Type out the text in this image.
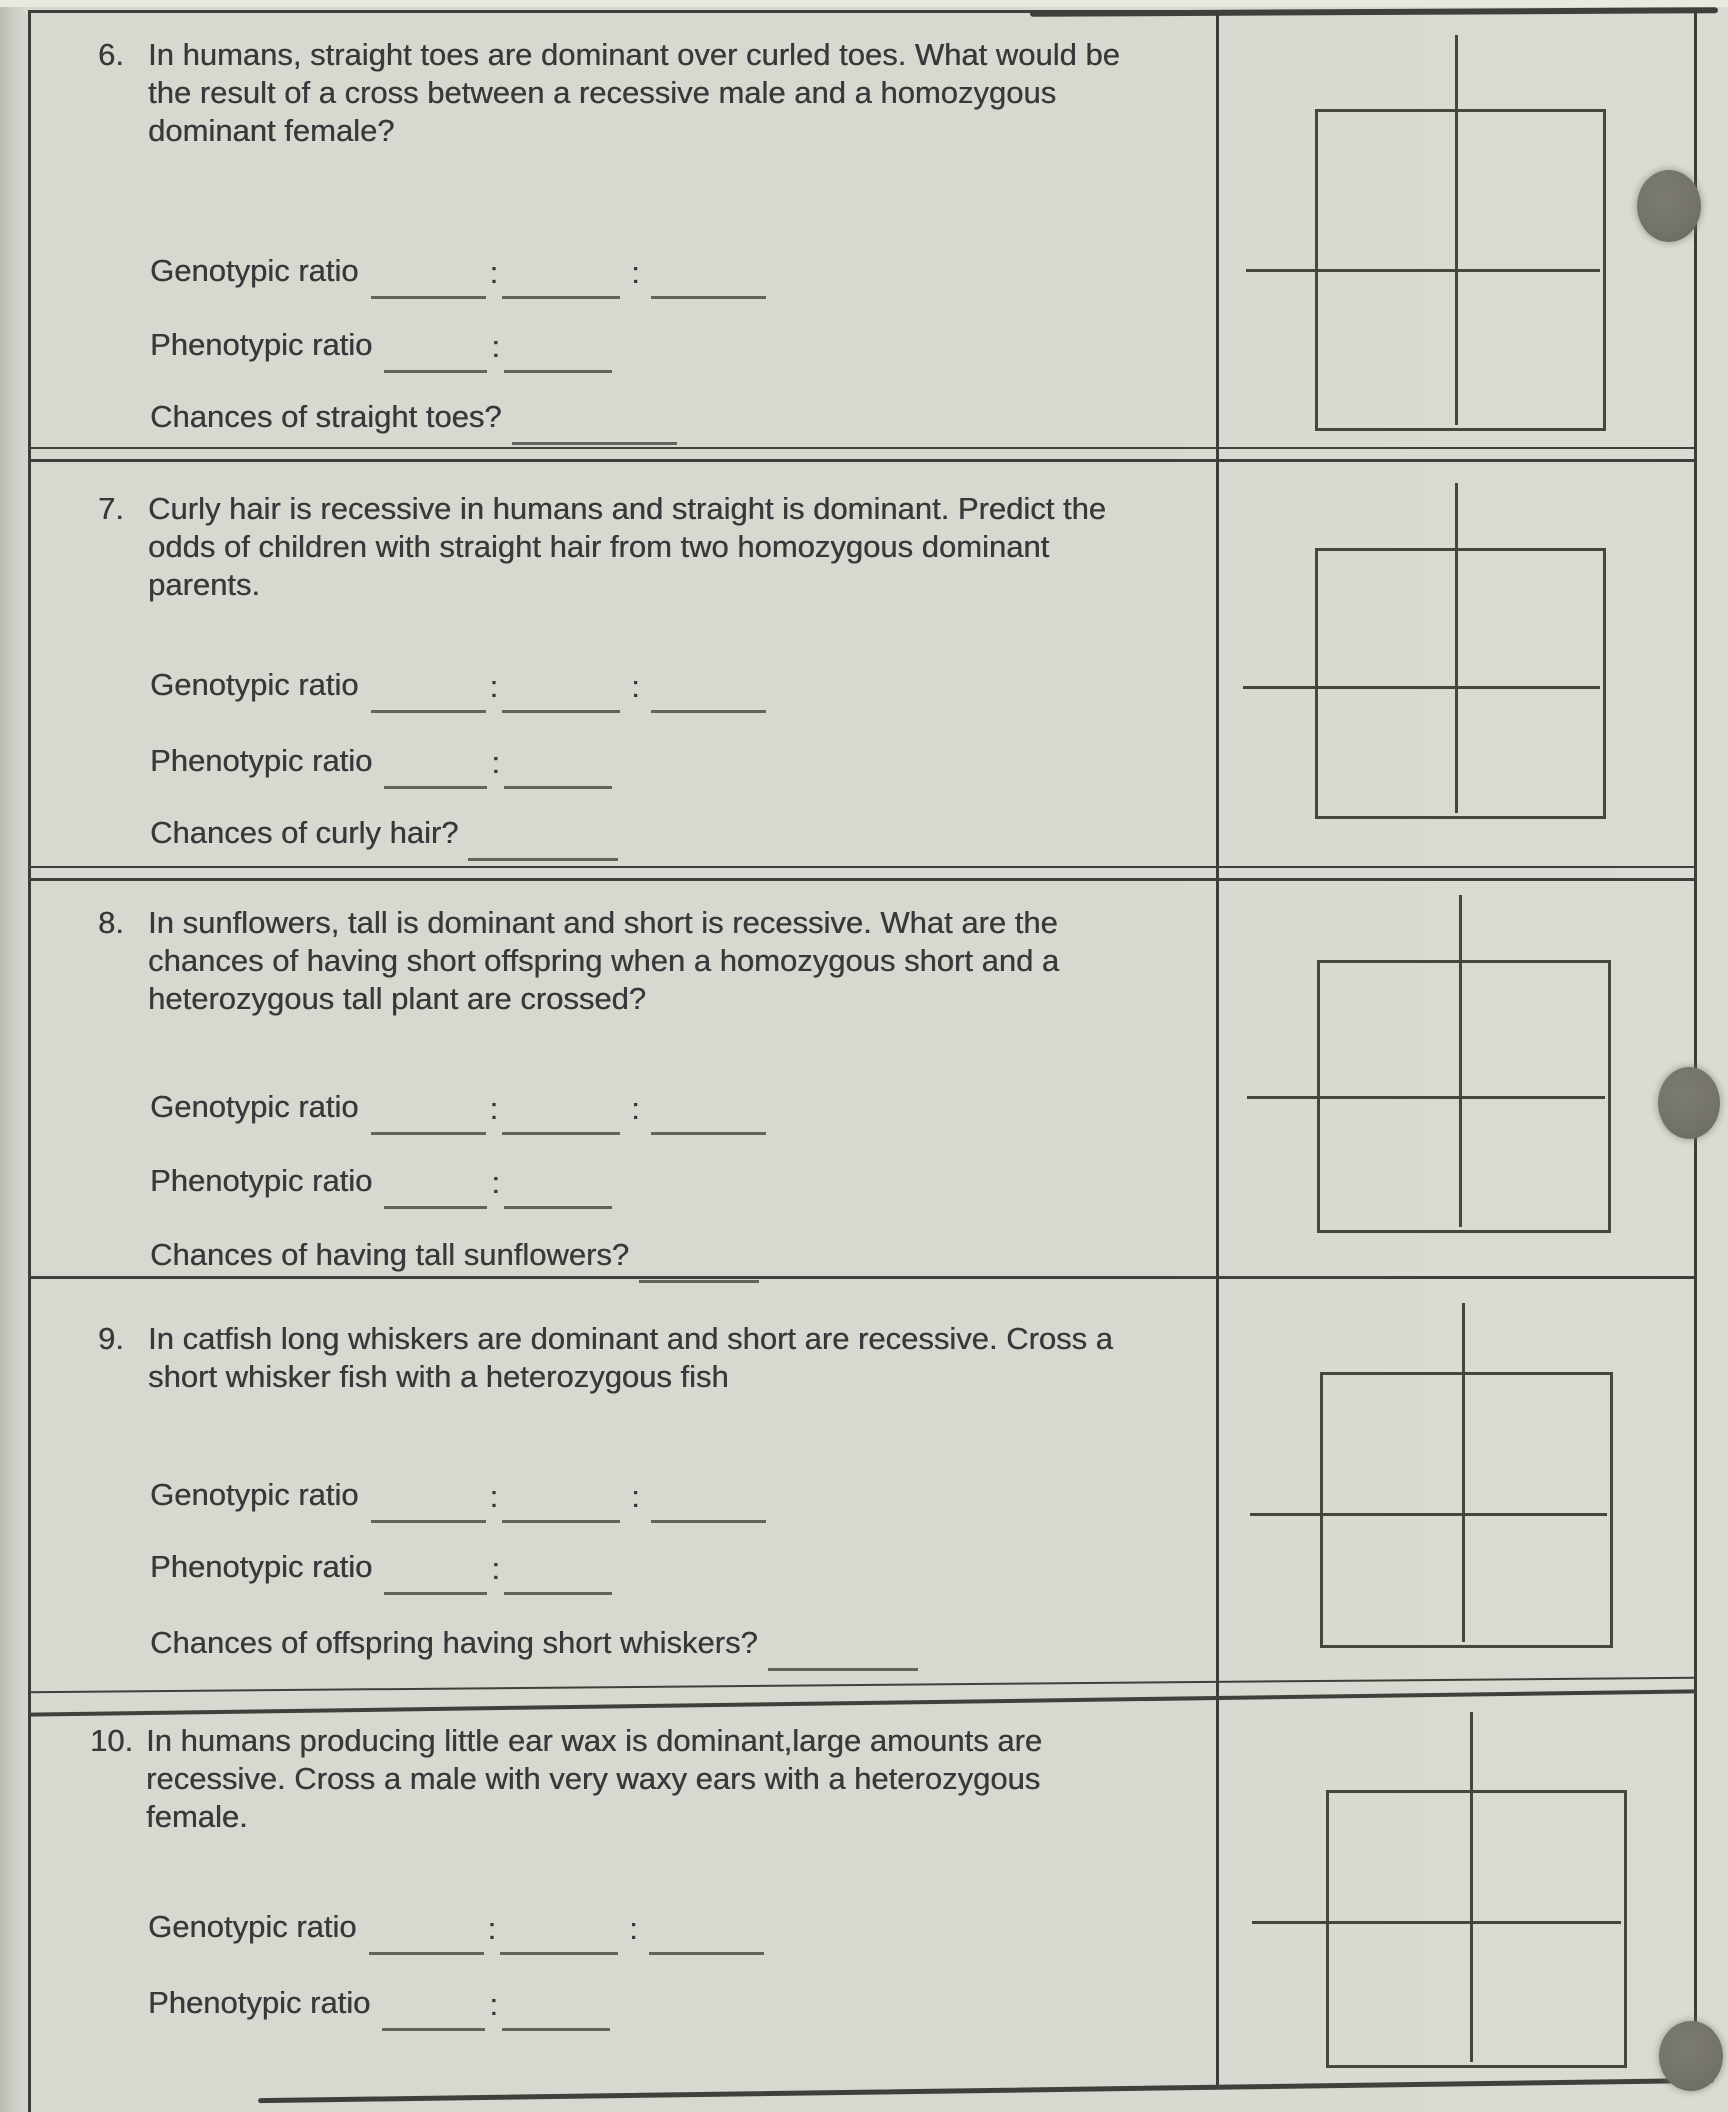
6. In humans, straight toes are dominant over curled toes. What would be
the result of a cross between a recessive male and a homozygous
dominant female?
Genotypic ratio	:	:
Phenotypic ratio	:
Chances of straight toes?
7. Curly hair is recessive in humans and straight is dominant. Predict the
odds of children with straight hair from two homozygous dominant
parents.
Genotypic ratio	:	:
Phenotypic ratio	:
Chances of curly hair?
8. In sunflowers, tall is dominant and short is recessive. What are the
chances of having short offspring when a homozygous short and a
heterozygous tall plant are crossed?
Genotypic ratio	:	:
Phenotypic ratio	:
Chances of having tall sunflowers?
9. In catfish long whiskers are dominant and short are recessive. Cross a
short whisker fish with a heterozygous fish
Genotypic ratio	:	:
Phenotypic ratio	:
Chances of offspring having short whiskers?
10. In humans producing little ear wax is dominant,large amounts are
recessive. Cross a male with very waxy ears with a heterozygous
female.
Genotypic ratio	:	:
Phenotypic ratio	:
